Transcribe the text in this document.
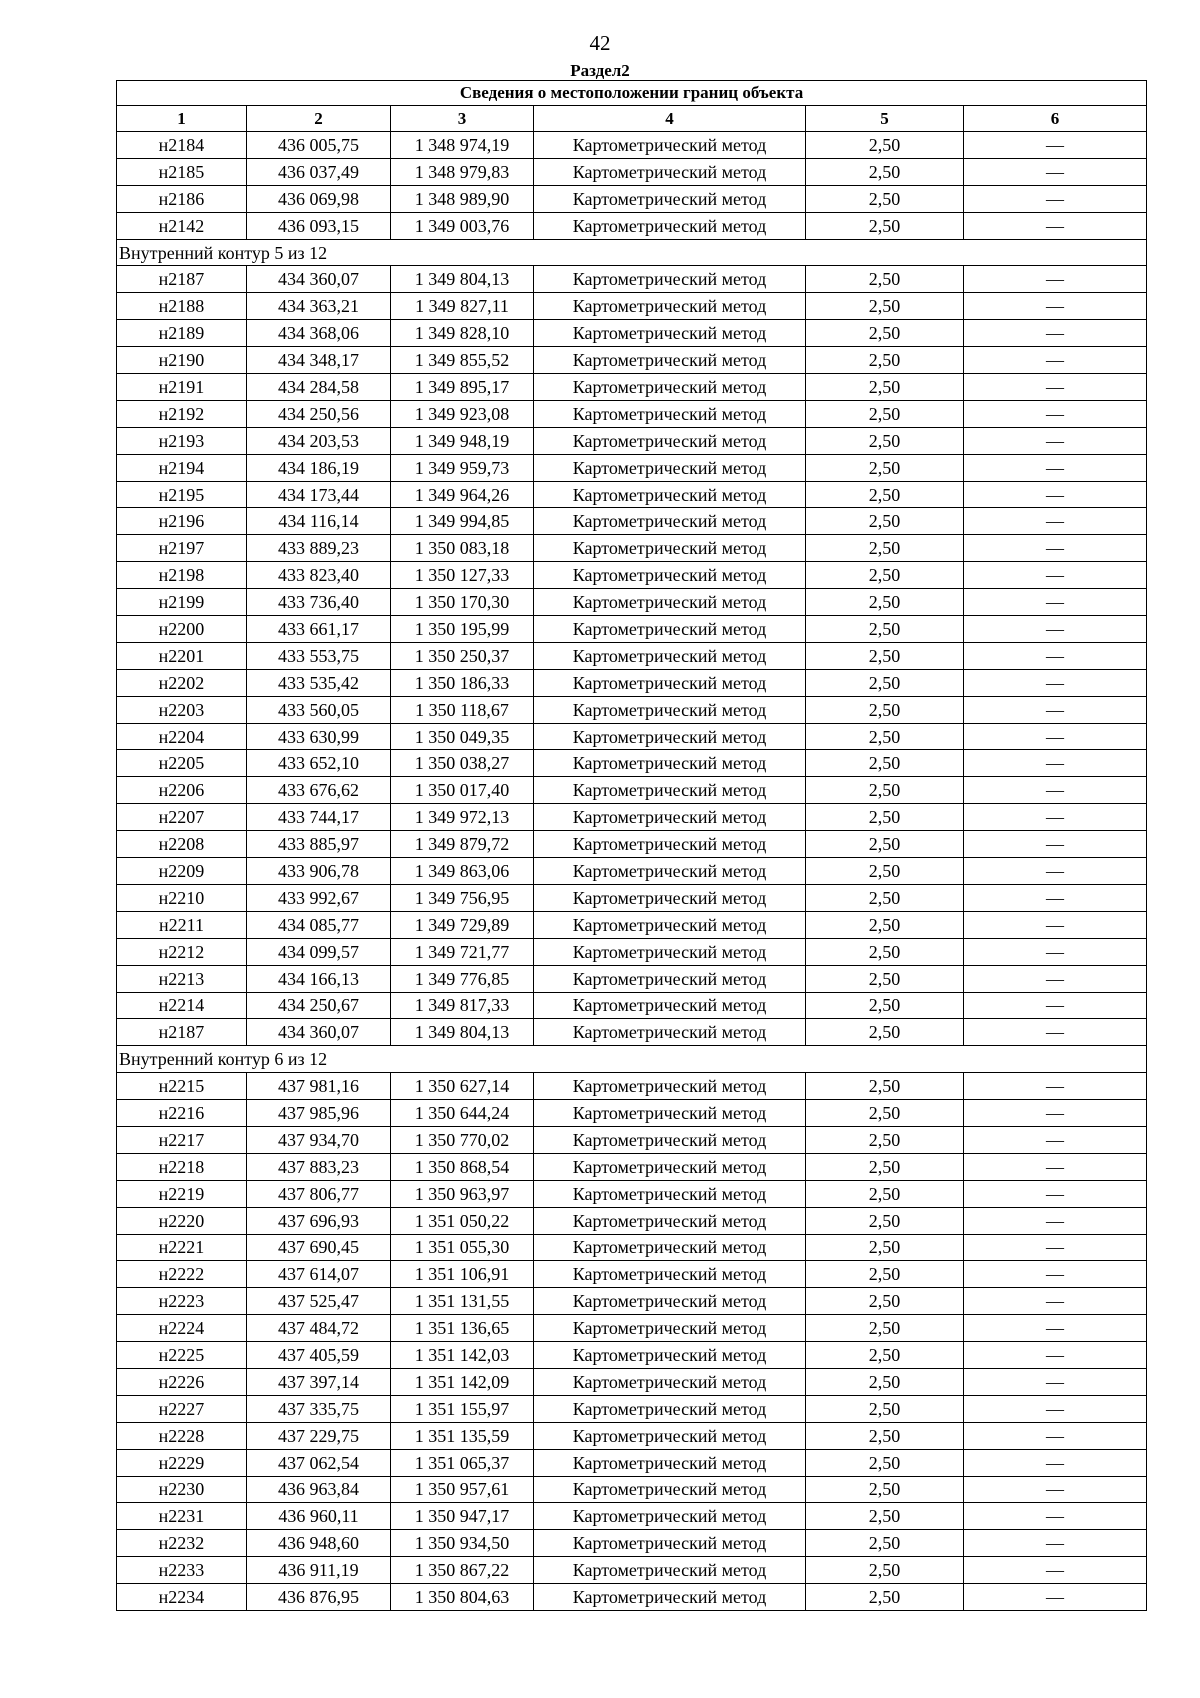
42
Раздел2
Сведения о местоположении границ объекта					
1	2	3	4	5	6
н2184	436 005,75	1 348 974,19	Картометрический метод	2,50	—
н2185	436 037,49	1 348 979,83	Картометрический метод	2,50	—
н2186	436 069,98	1 348 989,90	Картометрический метод	2,50	—
н2142	436 093,15	1 349 003,76	Картометрический метод	2,50	—
Внутренний контур 5 из 12					
н2187	434 360,07	1 349 804,13	Картометрический метод	2,50	—
н2188	434 363,21	1 349 827,11	Картометрический метод	2,50	—
н2189	434 368,06	1 349 828,10	Картометрический метод	2,50	—
н2190	434 348,17	1 349 855,52	Картометрический метод	2,50	—
н2191	434 284,58	1 349 895,17	Картометрический метод	2,50	—
н2192	434 250,56	1 349 923,08	Картометрический метод	2,50	—
н2193	434 203,53	1 349 948,19	Картометрический метод	2,50	—
н2194	434 186,19	1 349 959,73	Картометрический метод	2,50	—
н2195	434 173,44	1 349 964,26	Картометрический метод	2,50	—
н2196	434 116,14	1 349 994,85	Картометрический метод	2,50	—
н2197	433 889,23	1 350 083,18	Картометрический метод	2,50	—
н2198	433 823,40	1 350 127,33	Картометрический метод	2,50	—
н2199	433 736,40	1 350 170,30	Картометрический метод	2,50	—
н2200	433 661,17	1 350 195,99	Картометрический метод	2,50	—
н2201	433 553,75	1 350 250,37	Картометрический метод	2,50	—
н2202	433 535,42	1 350 186,33	Картометрический метод	2,50	—
н2203	433 560,05	1 350 118,67	Картометрический метод	2,50	—
н2204	433 630,99	1 350 049,35	Картометрический метод	2,50	—
н2205	433 652,10	1 350 038,27	Картометрический метод	2,50	—
н2206	433 676,62	1 350 017,40	Картометрический метод	2,50	—
н2207	433 744,17	1 349 972,13	Картометрический метод	2,50	—
н2208	433 885,97	1 349 879,72	Картометрический метод	2,50	—
н2209	433 906,78	1 349 863,06	Картометрический метод	2,50	—
н2210	433 992,67	1 349 756,95	Картометрический метод	2,50	—
н2211	434 085,77	1 349 729,89	Картометрический метод	2,50	—
н2212	434 099,57	1 349 721,77	Картометрический метод	2,50	—
н2213	434 166,13	1 349 776,85	Картометрический метод	2,50	—
н2214	434 250,67	1 349 817,33	Картометрический метод	2,50	—
н2187	434 360,07	1 349 804,13	Картометрический метод	2,50	—
Внутренний контур 6 из 12					
н2215	437 981,16	1 350 627,14	Картометрический метод	2,50	—
н2216	437 985,96	1 350 644,24	Картометрический метод	2,50	—
н2217	437 934,70	1 350 770,02	Картометрический метод	2,50	—
н2218	437 883,23	1 350 868,54	Картометрический метод	2,50	—
н2219	437 806,77	1 350 963,97	Картометрический метод	2,50	—
н2220	437 696,93	1 351 050,22	Картометрический метод	2,50	—
н2221	437 690,45	1 351 055,30	Картометрический метод	2,50	—
н2222	437 614,07	1 351 106,91	Картометрический метод	2,50	—
н2223	437 525,47	1 351 131,55	Картометрический метод	2,50	—
н2224	437 484,72	1 351 136,65	Картометрический метод	2,50	—
н2225	437 405,59	1 351 142,03	Картометрический метод	2,50	—
н2226	437 397,14	1 351 142,09	Картометрический метод	2,50	—
н2227	437 335,75	1 351 155,97	Картометрический метод	2,50	—
н2228	437 229,75	1 351 135,59	Картометрический метод	2,50	—
н2229	437 062,54	1 351 065,37	Картометрический метод	2,50	—
н2230	436 963,84	1 350 957,61	Картометрический метод	2,50	—
н2231	436 960,11	1 350 947,17	Картометрический метод	2,50	—
н2232	436 948,60	1 350 934,50	Картометрический метод	2,50	—
н2233	436 911,19	1 350 867,22	Картометрический метод	2,50	—
н2234	436 876,95	1 350 804,63	Картометрический метод	2,50	—
